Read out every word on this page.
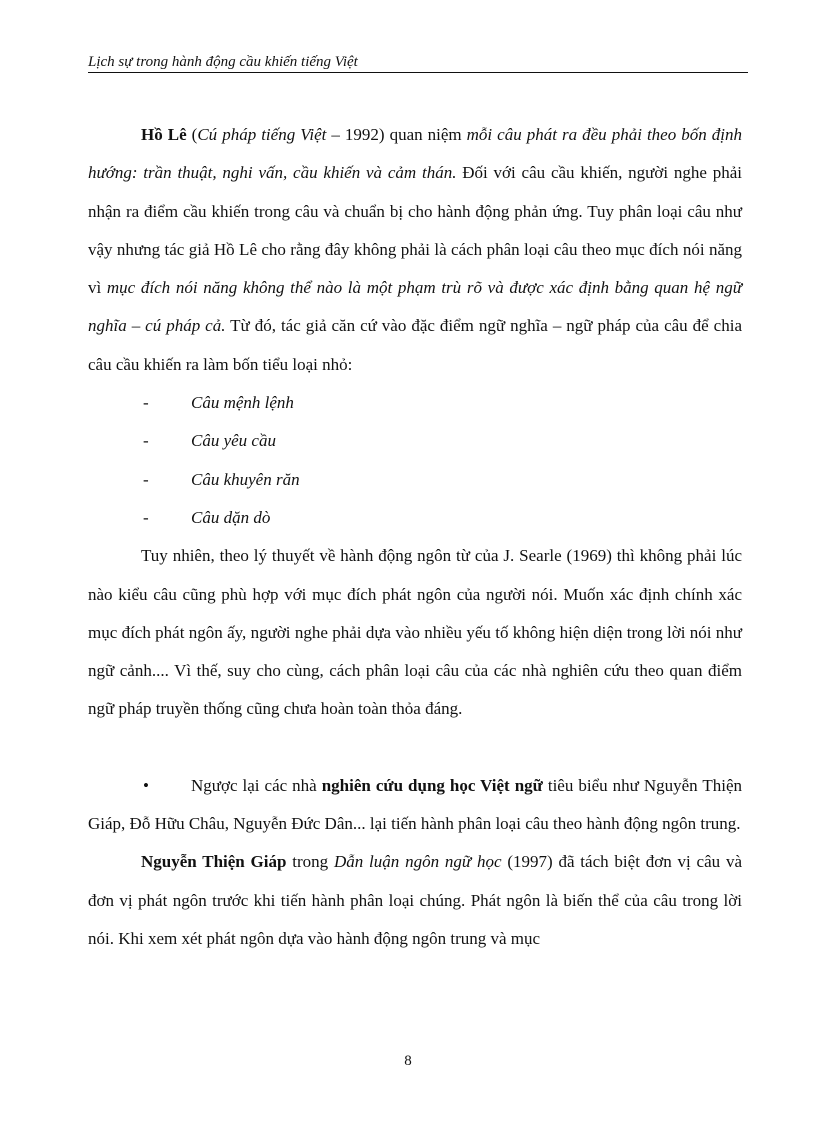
Lịch sự trong hành động cầu khiến tiếng Việt

Hồ Lê (Cú pháp tiếng Việt – 1992) quan niệm mỗi câu phát ra đều phải theo bốn định hướng: trần thuật, nghi vấn, cầu khiến và cảm thán. Đối với câu cầu khiến, người nghe phải nhận ra điểm cầu khiến trong câu và chuẩn bị cho hành động phản ứng. Tuy phân loại câu như vậy nhưng tác giả Hồ Lê cho rằng đây không phải là cách phân loại câu theo mục đích nói năng vì mục đích nói năng không thể nào là một phạm trù rõ và được xác định bằng quan hệ ngữ nghĩa – cú pháp cả. Từ đó, tác giả căn cứ vào đặc điểm ngữ nghĩa – ngữ pháp của câu để chia câu cầu khiến ra làm bốn tiểu loại nhỏ:

- Câu mệnh lệnh
- Câu yêu cầu
- Câu khuyên răn
- Câu dặn dò

Tuy nhiên, theo lý thuyết về hành động ngôn từ của J. Searle (1969) thì không phải lúc nào kiểu câu cũng phù hợp với mục đích phát ngôn của người nói. Muốn xác định chính xác mục đích phát ngôn ấy, người nghe phải dựa vào nhiều yếu tố không hiện diện trong lời nói như ngữ cảnh.... Vì thế, suy cho cùng, cách phân loại câu của các nhà nghiên cứu theo quan điểm ngữ pháp truyền thống cũng chưa hoàn toàn thỏa đáng.

• Ngược lại các nhà nghiên cứu dụng học Việt ngữ tiêu biểu như Nguyễn Thiện Giáp, Đỗ Hữu Châu, Nguyễn Đức Dân... lại tiến hành phân loại câu theo hành động ngôn trung.

Nguyễn Thiện Giáp trong Dẫn luận ngôn ngữ học (1997) đã tách biệt đơn vị câu và đơn vị phát ngôn trước khi tiến hành phân loại chúng. Phát ngôn là biến thể của câu trong lời nói. Khi xem xét phát ngôn dựa vào hành động ngôn trung và mục

8
